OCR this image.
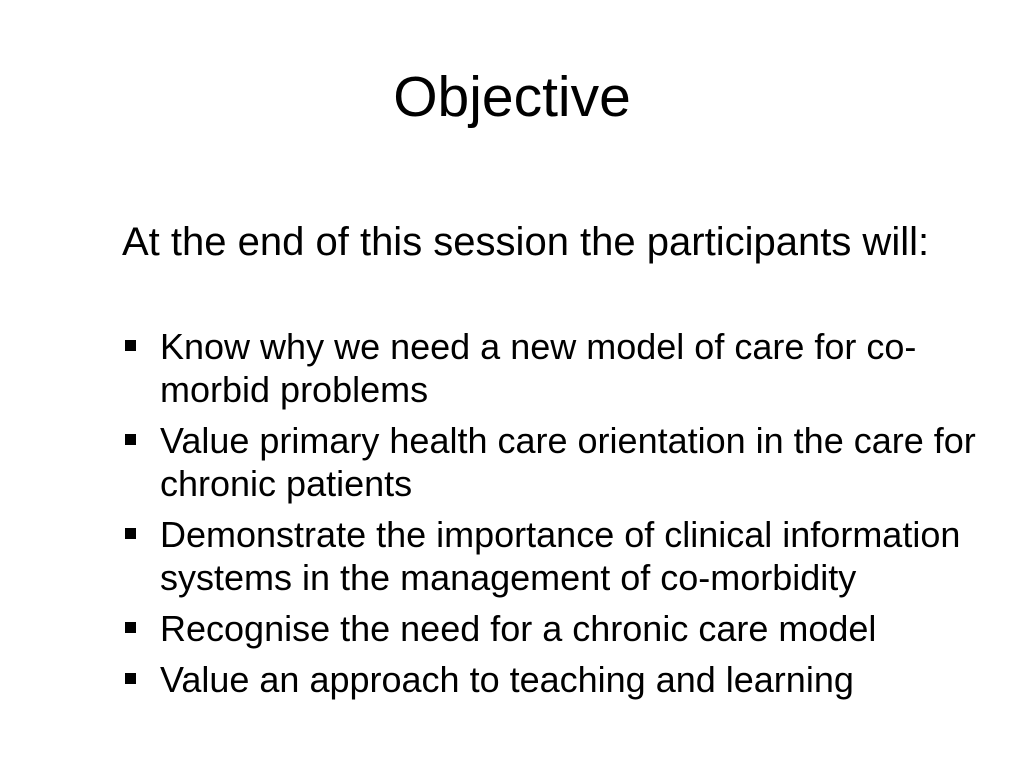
Objective

At the end of this session the participants will:

Know why we need a new model of care for co-morbid problems
Value primary health care orientation in the care for chronic patients
Demonstrate the importance of clinical information systems in the management of co-morbidity
Recognise the need for a chronic care model
Value an approach to teaching and learning
